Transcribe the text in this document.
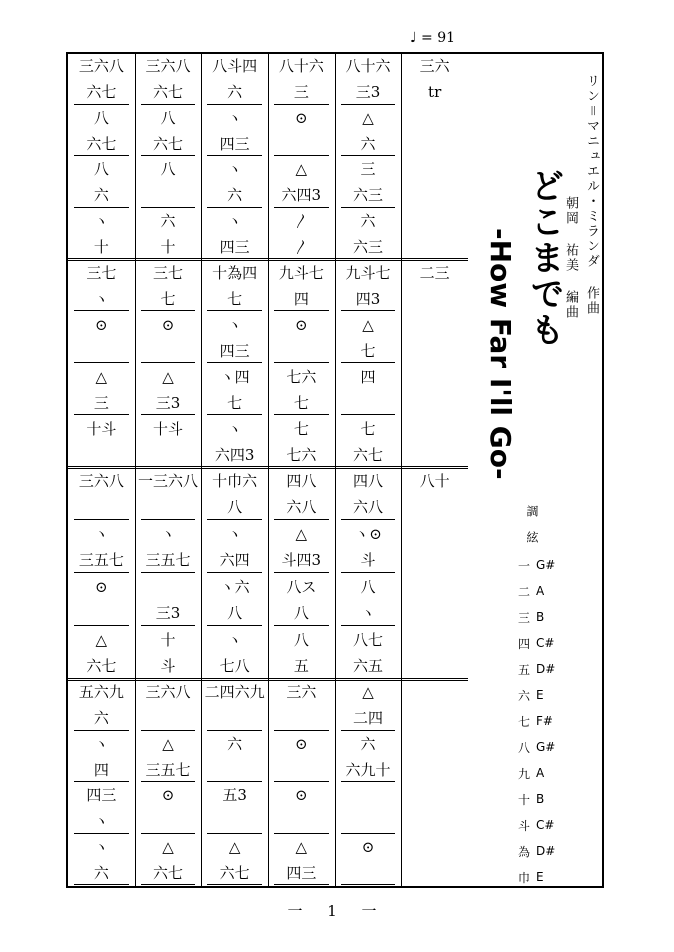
♩ = 91
三六八
六七
八
六七
八
六
ヽ
十
三六八
六七
八
六七
八
六
十
八斗四
六
ヽ
四三
ヽ
六
ヽ
四三
八十六
三
⊙
△
六四3
〳
〳
八十六
三3
△
六
三
六三
六
六三
三六
tr
三七
ヽ
⊙
△
三
十斗
三七
七
⊙
△
三3
十斗
十為四
七
ヽ
四三
ヽ四
七
ヽ
六四3
九斗七
四
⊙
七六
七
七
七六
九斗七
四3
△
七
四
七
六七
二三
三六八
ヽ
三五七
⊙
△
六七
一三六八
ヽ
三五七
三3
十
斗
十巾六
八
ヽ
六四
ヽ六
八
ヽ
七八
四八
六八
△
斗四3
八ス
八
八
五
四八
六八
ヽ⊙
斗
八
ヽ
八七
六五
八十
五六九
六
ヽ
四
四三
ヽ
ヽ
六
三六八
△
三五七
⊙
△
六七
二四六九
六
五3
△
六七
三六
⊙
⊙
△
四三
△
二四
六
六九十
⊙
どこまでも
-How Far I'll Go-
リン＝マニュエル・ミランダ 作曲
朝岡 祐美 編曲
調 絃
一 G#
二 A
三 B
四 C#
五 D#
六 E
七 F#
八 G#
九 A
十 B
斗 C#
為 D#
巾 E
一 1 一
